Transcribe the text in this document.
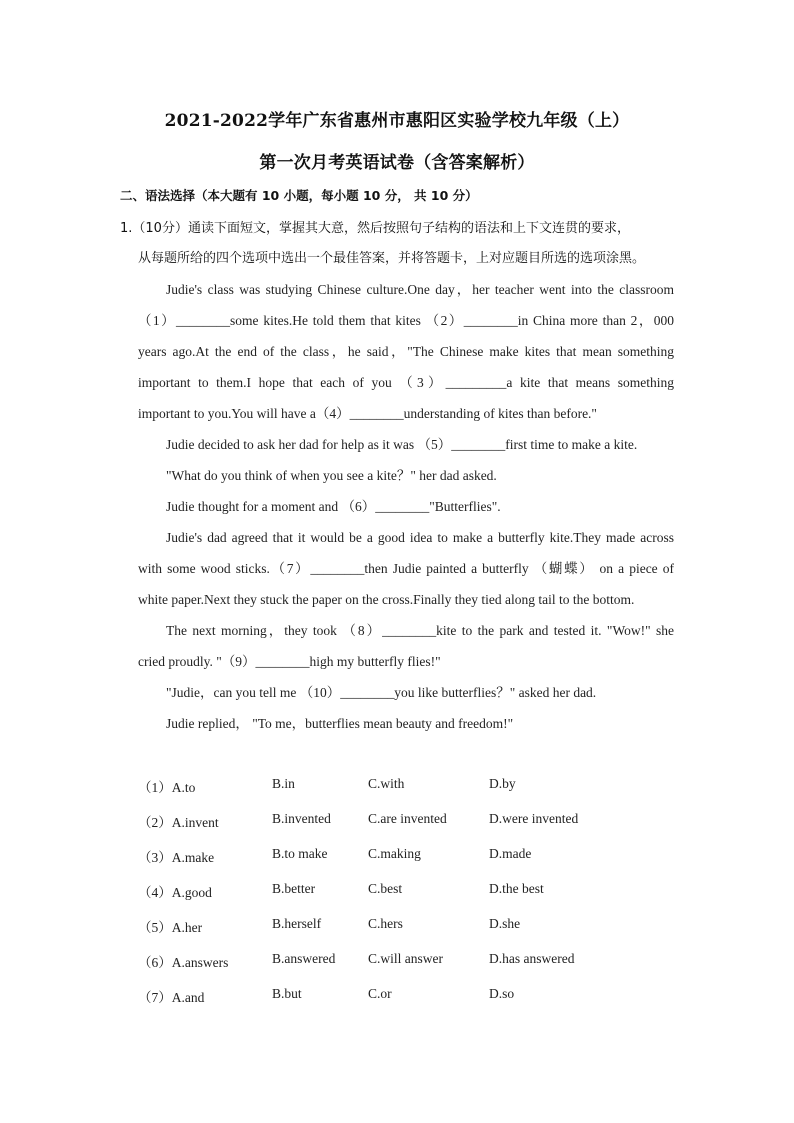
2021-2022学年广东省惠州市惠阳区实验学校九年级（上）
第一次月考英语试卷（含答案解析）
二、语法选择（本大题有 10 小题，每小题 10 分， 共 10 分）
1.（10分）通读下面短文，掌握其大意，然后按照句子结构的语法和上下文连贯的要求，
从每题所给的四个选项中选出一个最佳答案，并将答题卡，上对应题目所选的选项涂黑。

Judie's class was studying Chinese culture.One day，her teacher went into the classroom

（1）________some kites.He told them that kites （2）________in China more than 2，000

years ago.At the end of the class，he said，"The Chinese make kites that mean something

important to them.I hope that each of you （3）_________a kite that means something

important to you.You will have a（4）________understanding of kites than before."

Judie decided to ask her dad for help as it was （5）________first time to make a kite.

"What do you think of when you see a kite？" her dad asked.

Judie thought for a moment and （6）________"Butterflies".

Judie's dad agreed that it would be a good idea to make a butterfly kite.They made across

with some wood sticks.（7）________then Judie painted a butterfly （蝴蝶） on a piece of

white paper.Next they stuck the paper on the cross.Finally they tied along tail to the bottom.

The next morning，they took （8）________kite to the park and tested it. "Wow!" she

cried proudly. "（9）________high my butterfly flies!"

"Judie，can you tell me （10）________you like butterflies？" asked her dad.

Judie replied， "To me，butterflies mean beauty and freedom!"

（1）A.to	B.in	C.with	D.by
（2）A.invent	B.invented	C.are invented	D.were invented
（3）A.make	B.to make	C.making	D.made
（4）A.good	B.better	C.best	D.the best
（5）A.her	B.herself	C.hers	D.she
（6）A.answers	B.answered C.will answer	D.has answered
（7）A.and	B.but	C.or	D.so
